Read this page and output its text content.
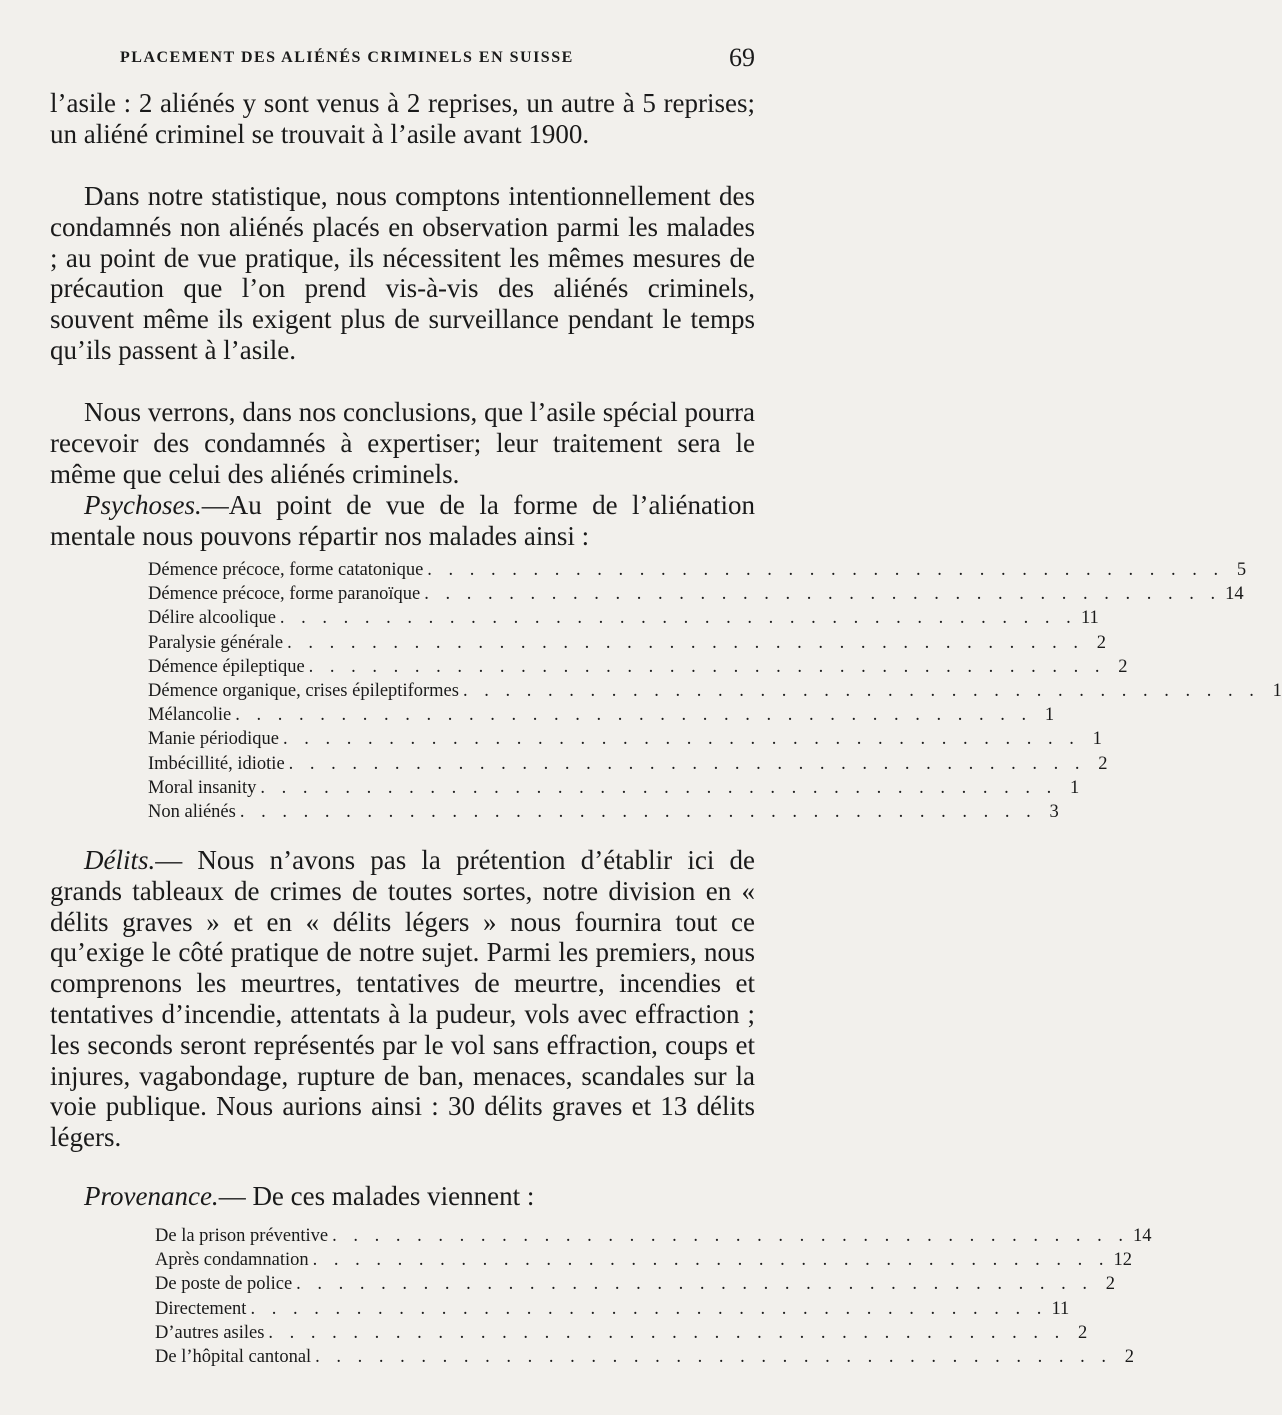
PLACEMENT DES ALIÉNÉS CRIMINELS EN SUISSE	69

l’asile : 2 aliénés y sont venus à 2 reprises, un autre à 5 reprises; un aliéné criminel se trouvait à l’asile avant 1900.

Dans notre statistique, nous comptons intentionnellement des condamnés non aliénés placés en observation parmi les malades ; au point de vue pratique, ils nécessitent les mêmes mesures de précaution que l’on prend vis-à-vis des aliénés criminels, souvent même ils exigent plus de surveillance pendant le temps qu’ils passent à l’asile.

Nous verrons, dans nos conclusions, que l’asile spécial pourra recevoir des condamnés à expertiser; leur traitement sera le même que celui des aliénés criminels.

Psychoses.—Au point de vue de la forme de l’aliénation mentale nous pouvons répartir nos malades ainsi :

Démence précoce, forme catatonique . . . . . . . . . . . . . . . . . . . . . . . . . . . . . . . . . . . . . . 5
Démence précoce, forme paranoïque . . . . . . . . . . . . . . . . . . . . . . . . . . . . . . . . . . . . . . 14
Délire alcoolique . . . . . . . . . . . . . . . . . . . . . . . . . . . . . . . . . . . . . . 11
Paralysie générale . . . . . . . . . . . . . . . . . . . . . . . . . . . . . . . . . . . . . . 2
Démence épileptique . . . . . . . . . . . . . . . . . . . . . . . . . . . . . . . . . . . . . . 2
Démence organique, crises épileptiformes . . . . . . . . . . . . . . . . . . . . . . . . . . . . . . . . . . . . . . 1
Mélancolie . . . . . . . . . . . . . . . . . . . . . . . . . . . . . . . . . . . . . . 1
Manie périodique . . . . . . . . . . . . . . . . . . . . . . . . . . . . . . . . . . . . . . 1
Imbécillité, idiotie . . . . . . . . . . . . . . . . . . . . . . . . . . . . . . . . . . . . . . 2
Moral insanity . . . . . . . . . . . . . . . . . . . . . . . . . . . . . . . . . . . . . . 1
Non aliénés . . . . . . . . . . . . . . . . . . . . . . . . . . . . . . . . . . . . . . 3

Délits.— Nous n’avons pas la prétention d’établir ici de grands tableaux de crimes de toutes sortes, notre division en « délits graves » et en « délits légers » nous fournira tout ce qu’exige le côté pratique de notre sujet. Parmi les premiers, nous comprenons les meurtres, tentatives de meurtre, incendies et tentatives d’incendie, attentats à la pudeur, vols avec effraction ; les seconds seront représentés par le vol sans effraction, coups et injures, vagabondage, rupture de ban, menaces, scandales sur la voie publique. Nous aurions ainsi : 30 délits graves et 13 délits légers.

Provenance.— De ces malades viennent :

De la prison préventive . . . . . . . . . . . . . . . . . . . . . . . . . . . . . . . . . . . . . . 14
Après condamnation . . . . . . . . . . . . . . . . . . . . . . . . . . . . . . . . . . . . . . 12
De poste de police . . . . . . . . . . . . . . . . . . . . . . . . . . . . . . . . . . . . . . 2
Directement . . . . . . . . . . . . . . . . . . . . . . . . . . . . . . . . . . . . . . 11
D’autres asiles . . . . . . . . . . . . . . . . . . . . . . . . . . . . . . . . . . . . . . 2
De l’hôpital cantonal . . . . . . . . . . . . . . . . . . . . . . . . . . . . . . . . . . . . . . 2
